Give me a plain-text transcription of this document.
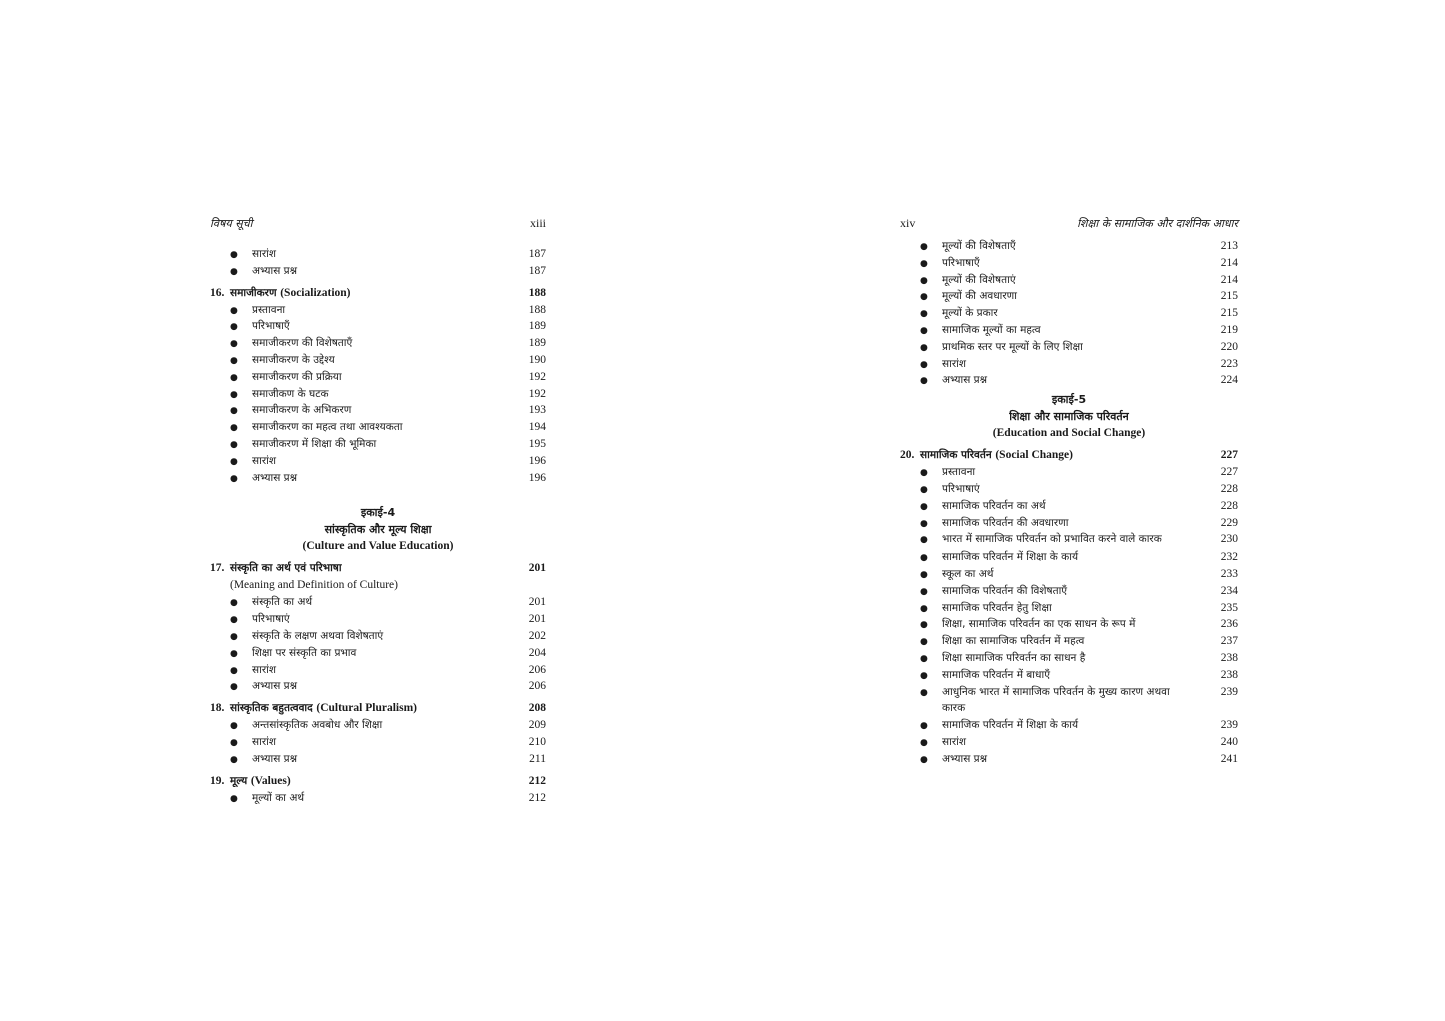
विषय सूची	xiii
●	सारांश	187
●	अभ्यास प्रश्न	187
16. समाजीकरण (Socialization)	188
●	प्रस्तावना	188
●	परिभाषाएँ	189
●	समाजीकरण की विशेषताएँ	189
●	समाजीकरण के उद्देश्य	190
●	समाजीकरण की प्रक्रिया	192
●	समाजीकण के घटक	192
●	समाजीकरण के अभिकरण	193
●	समाजीकरण का महत्व तथा आवश्यकता	194
●	समाजीकरण में शिक्षा की भूमिका	195
●	सारांश	196
●	अभ्यास प्रश्न	196
इकाई-4
सांस्कृतिक और मूल्य शिक्षा
(Culture and Value Education)
17. संस्कृति का अर्थ एवं परिभाषा	201
(Meaning and Definition of Culture)
●	संस्कृति का अर्थ	201
●	परिभाषाएं	201
●	संस्कृति के लक्षण अथवा विशेषताएं	202
●	शिक्षा पर संस्कृति का प्रभाव	204
●	सारांश	206
●	अभ्यास प्रश्न	206
18. सांस्कृतिक बहुतत्ववाद (Cultural Pluralism)	208
●	अन्तसांस्कृतिक अवबोध और शिक्षा	209
●	सारांश	210
●	अभ्यास प्रश्न	211
19. मूल्य (Values)	212
●	मूल्यों का अर्थ	212
xiv	शिक्षा के सामाजिक और दार्शनिक आधार
●	मूल्यों की विशेषताएँ	213
●	परिभाषाएँ	214
●	मूल्यों की विशेषताएं	214
●	मूल्यों की अवधारणा	215
●	मूल्यों के प्रकार	215
●	सामाजिक मूल्यों का महत्व	219
●	प्राथमिक स्तर पर मूल्यों के लिए शिक्षा	220
●	सारांश	223
●	अभ्यास प्रश्न	224
इकाई-5
शिक्षा और सामाजिक परिवर्तन
(Education and Social Change)
20. सामाजिक परिवर्तन (Social Change)	227
●	प्रस्तावना	227
●	परिभाषाएं	228
●	सामाजिक परिवर्तन का अर्थ	228
●	सामाजिक परिवर्तन की अवधारणा	229
●	भारत में सामाजिक परिवर्तन को प्रभावित करने वाले कारक	230
●	सामाजिक परिवर्तन में शिक्षा के कार्य	232
●	स्कूल का अर्थ	233
●	सामाजिक परिवर्तन की विशेषताएँ	234
●	सामाजिक परिवर्तन हेतु शिक्षा	235
●	शिक्षा, सामाजिक परिवर्तन का एक साधन के रूप में	236
●	शिक्षा का सामाजिक परिवर्तन में महत्व	237
●	शिक्षा सामाजिक परिवर्तन का साधन है	238
●	सामाजिक परिवर्तन में बाधाएँ	238
●	आधुनिक भारत में सामाजिक परिवर्तन के मुख्य कारण अथवा कारक
239
●	सामाजिक परिवर्तन में शिक्षा के कार्य	239
●	सारांश	240
●	अभ्यास प्रश्न	241
